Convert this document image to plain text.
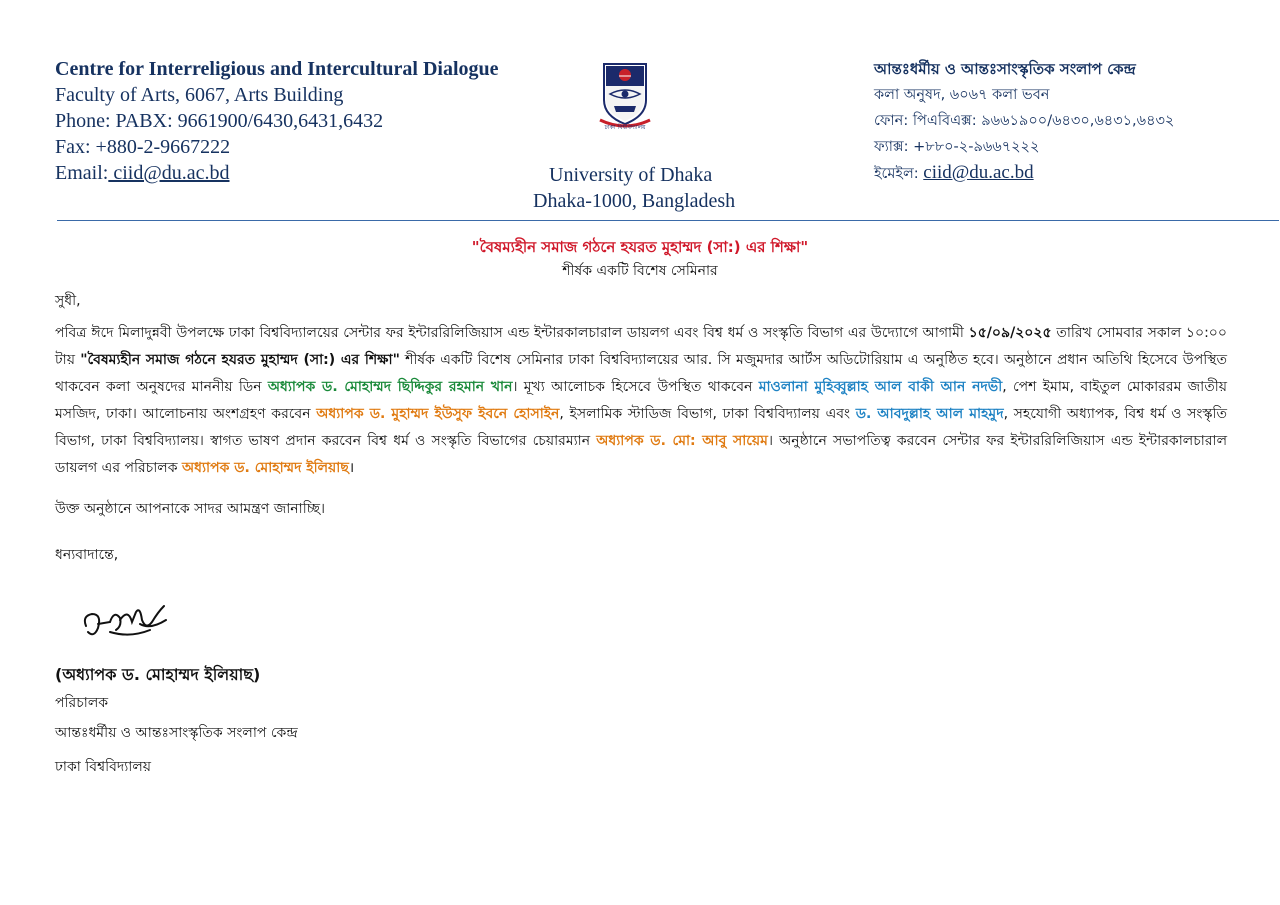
Centre for Interreligious and Intercultural Dialogue
Faculty of Arts, 6067, Arts Building
Phone: PABX: 9661900/6430,6431,6432
Fax: +880-2-9667222
Email: ciid@du.ac.bd
ঢাকা বিশ্ববিদ্যালয়
University of Dhaka
Dhaka-1000, Bangladesh
আন্তঃধর্মীয় ও আন্তঃসাংস্কৃতিক সংলাপ কেন্দ্র
কলা অনুষদ, ৬০৬৭ কলা ভবন
ফোন: পিএবিএক্স: ৯৬৬১৯০০/৬৪৩০,৬৪৩১,৬৪৩২
ফ্যাক্স: +৮৮০-২-৯৬৬৭২২২
ইমেইল: ciid@du.ac.bd
"বৈষম্যহীন সমাজ গঠনে হযরত মুহাম্মদ (সা:) এর শিক্ষা"
শীর্ষক একটি বিশেষ সেমিনার
সুধী,
পবিত্র ঈদে মিলাদুন্নবী উপলক্ষে ঢাকা বিশ্ববিদ্যালয়ের সেন্টার ফর ইন্টাররিলিজিয়াস এন্ড ইন্টারকালচারাল ডায়লগ এবং বিশ্ব ধর্ম ও সংস্কৃতি বিভাগ এর উদ্যোগে আগামী ১৫/০৯/২০২৫ তারিখ সোমবার সকাল ১০:০০ টায় "বৈষম্যহীন সমাজ গঠনে হযরত মুহাম্মদ (সা:) এর শিক্ষা" শীর্ষক একটি বিশেষ সেমিনার ঢাকা বিশ্ববিদ্যালয়ের আর. সি মজুমদার আর্টস অডিটোরিয়াম এ অনুষ্ঠিত হবে। অনুষ্ঠানে প্রধান অতিথি হিসেবে উপস্থিত থাকবেন কলা অনুষদের মাননীয় ডিন অধ্যাপক ড. মোহাম্মদ ছিদ্দিকুর রহমান খান। মূখ্য আলোচক হিসেবে উপস্থিত থাকবেন মাওলানা মুহিব্বুল্লাহ আল বাকী আন নদভী, পেশ ইমাম, বাইতুল মোকাররম জাতীয় মসজিদ, ঢাকা। আলোচনায় অংশগ্রহণ করবেন অধ্যাপক ড. মুহাম্মদ ইউসুফ ইবনে হোসাইন, ইসলামিক স্টাডিজ বিভাগ, ঢাকা বিশ্ববিদ্যালয় এবং ড. আবদুল্লাহ আল মাহমুদ, সহযোগী অধ্যাপক, বিশ্ব ধর্ম ও সংস্কৃতি বিভাগ, ঢাকা বিশ্ববিদ্যালয়। স্বাগত ভাষণ প্রদান করবেন বিশ্ব ধর্ম ও সংস্কৃতি বিভাগের চেয়ারম্যান অধ্যাপক ড. মো: আবু সায়েম। অনুষ্ঠানে সভাপতিত্ব করবেন সেন্টার ফর ইন্টাররিলিজিয়াস এন্ড ইন্টারকালচারাল ডায়লগ এর পরিচালক অধ্যাপক ড. মোহাম্মদ ইলিয়াছ।
উক্ত অনুষ্ঠানে আপনাকে সাদর আমন্ত্রণ জানাচ্ছি।
ধন্যবাদান্তে,
(অধ্যাপক ড. মোহাম্মদ ইলিয়াছ)
পরিচালক
আন্তঃধর্মীয় ও আন্তঃসাংস্কৃতিক সংলাপ কেন্দ্র
ঢাকা বিশ্ববিদ্যালয়
